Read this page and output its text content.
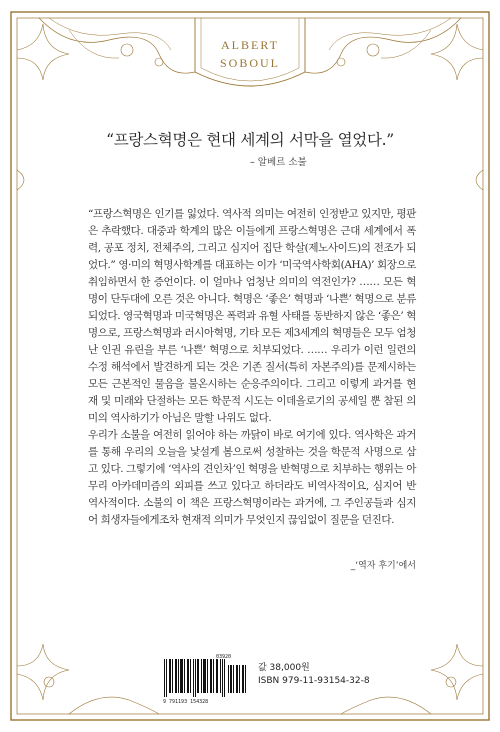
ALBERT
SOBOUL
“프랑스혁명은 현대 세계의 서막을 열었다.”
– 알베르 소불

“프랑스혁명은 인기를 잃었다. 역사적 의미는 여전히 인정받고 있지만, 평판은 추락했다. 대중과 학계의 많은 이들에게 프랑스혁명은 근대 세계에서 폭력, 공포 정치, 전체주의, 그리고 심지어 집단 학살(제노사이드)의 전조가 되었다.” 영·미의 혁명사학계를 대표하는 이가 ‘미국역사학회(AHA)’ 회장으로 취임하면서 한 증언이다. 이 얼마나 엄청난 의미의 역전인가? …… 모든 혁명이 단두대에 오른 것은 아니다. 혁명은 ‘좋은’ 혁명과 ‘나쁜’ 혁명으로 분류되었다. 영국혁명과 미국혁명은 폭력과 유혈 사태를 동반하지 않은 ‘좋은’ 혁명으로, 프랑스혁명과 러시아혁명, 기타 모든 제3세계의 혁명들은 모두 엄청난 인권 유린을 부른 ‘나쁜’ 혁명으로 치부되었다. …… 우리가 이런 일련의 수정 해석에서 발견하게 되는 것은 기존 질서(특히 자본주의)를 문제시하는 모든 근본적인 물음을 불온시하는 순응주의이다. 그리고 이렇게 과거를 현재 및 미래와 단절하는 모든 학문적 시도는 이데올로기의 공세일 뿐 참된 의미의 역사하기가 아님은 말할 나위도 없다.

우리가 소불을 여전히 읽어야 하는 까닭이 바로 여기에 있다. 역사학은 과거를 통해 우리의 오늘을 낯설게 봄으로써 성찰하는 것을 학문적 사명으로 삼고 있다. 그렇기에 ‘역사의 견인차’인 혁명을 반혁명으로 치부하는 행위는 아무리 아카데미즘의 외피를 쓰고 있다고 하더라도 비역사적이요, 심지어 반역사적이다. 소불의 이 책은 프랑스혁명이라는 과거에, 그 주인공들과 심지어 희생자들에게조차 현재적 의미가 무엇인지 끊임없이 질문을 던진다.

_‘역자 후기’에서
03920
9 791193 154328
값 38,000원
ISBN 979-11-93154-32-8
